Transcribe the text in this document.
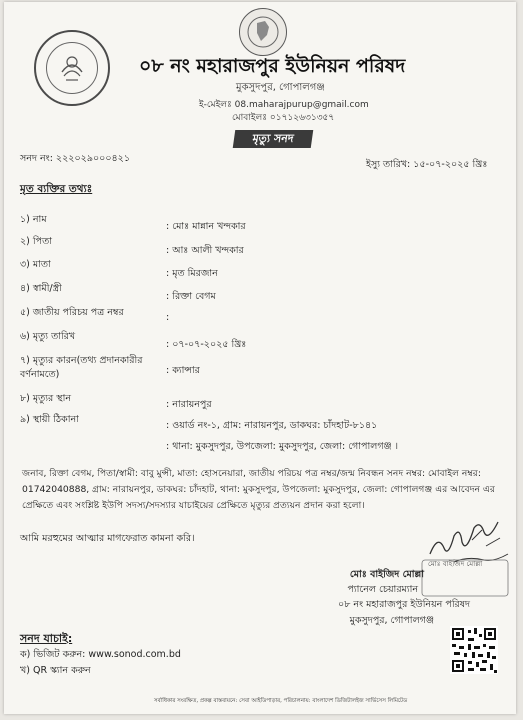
০৮ নং মহারাজপুর ইউনিয়ন পরিষদ
মুকসুদপুর, গোপালগঞ্জ
ই-মেইলঃ 08.maharajpurup@gmail.com
মোবাইলঃ ০১৭১২৬৩১৩৫৭
মৃত্যু সনদ
সনদ নং: ২২২০২৯০০০৪২১
ইস্যু তারিখ: ১৫-০৭-২০২৫ খ্রিঃ
মৃত ব্যক্তির তথ্যঃ
১) নাম
: মোঃ মান্নান খন্দকার
২) পিতা
: আঃ আলী খন্দকার
৩) মাতা
: মৃত মিরজান
৪) স্বামী/স্ত্রী
: রিক্তা বেগম
৫) জাতীয় পরিচয় পত্র নম্বর	:
৬) মৃত্যু তারিখ
: ০৭-০৭-২০২৫ খ্রিঃ
৭) মৃত্যুর কারন(তথ্য প্রদানকারীর
বর্ণনামতে)	: ক্যান্সার
৮) মৃত্যুর স্থান
: নারায়নপুর
৯) স্থায়ী ঠিকানা
: ওয়ার্ড নং-১, গ্রাম: নারায়নপুর, ডাকঘর: চাঁদহাট-৮১৪১
: থানা: মুকসুদপুর, উপজেলা: মুকসুদপুর, জেলা: গোপালগঞ্জ ।
জনাব, রিক্তা বেগম, পিতা/স্বামী: বাবু মুন্সী, মাতা: হোসনেয়ারা, জাতীয় পরিচয় পত্র নম্বর/জন্ম নিবন্ধন সনদ নম্বর: মোবাইল নম্বর: 01742040888, গ্রাম: নারায়নপুর, ডাকঘর: চাঁদহাট, থানা: মুকসুদপুর, উপজেলা: মুকসুদপুর, জেলা: গোপালগঞ্জ এর আবেদন এর প্রেক্ষিতে এবং সংশ্লিষ্ট ইউপি সদস্য/সদস্যার যাচাইয়ের প্রেক্ষিতে মৃত্যুর প্রত্যয়ন প্রদান করা হলো।
আমি মরহুমের আত্মার মাগফেরাত কামনা করি।
মোঃ বাইজিদ মোল্লা
মোঃ বাইজিদ মোল্লা
প্যানেল চেয়ারম্যান
০৮ নং মহারাজপুর ইউনিয়ন পরিষদ
মুকসুদপুর, গোপালগঞ্জ
সনদ যাচাই:
ক) ভিজিট করুন: www.sonod.com.bd
খ) QR স্ক্যান করুন
সর্বাধিকার সংরক্ষিত, প্রকল্প বাস্তবায়নে: সেবা আইডিপাড়ার, পরিচালনায়: বাংলাদেশ ডিজিটালইজ সার্ভিসেস লিমিটেড
